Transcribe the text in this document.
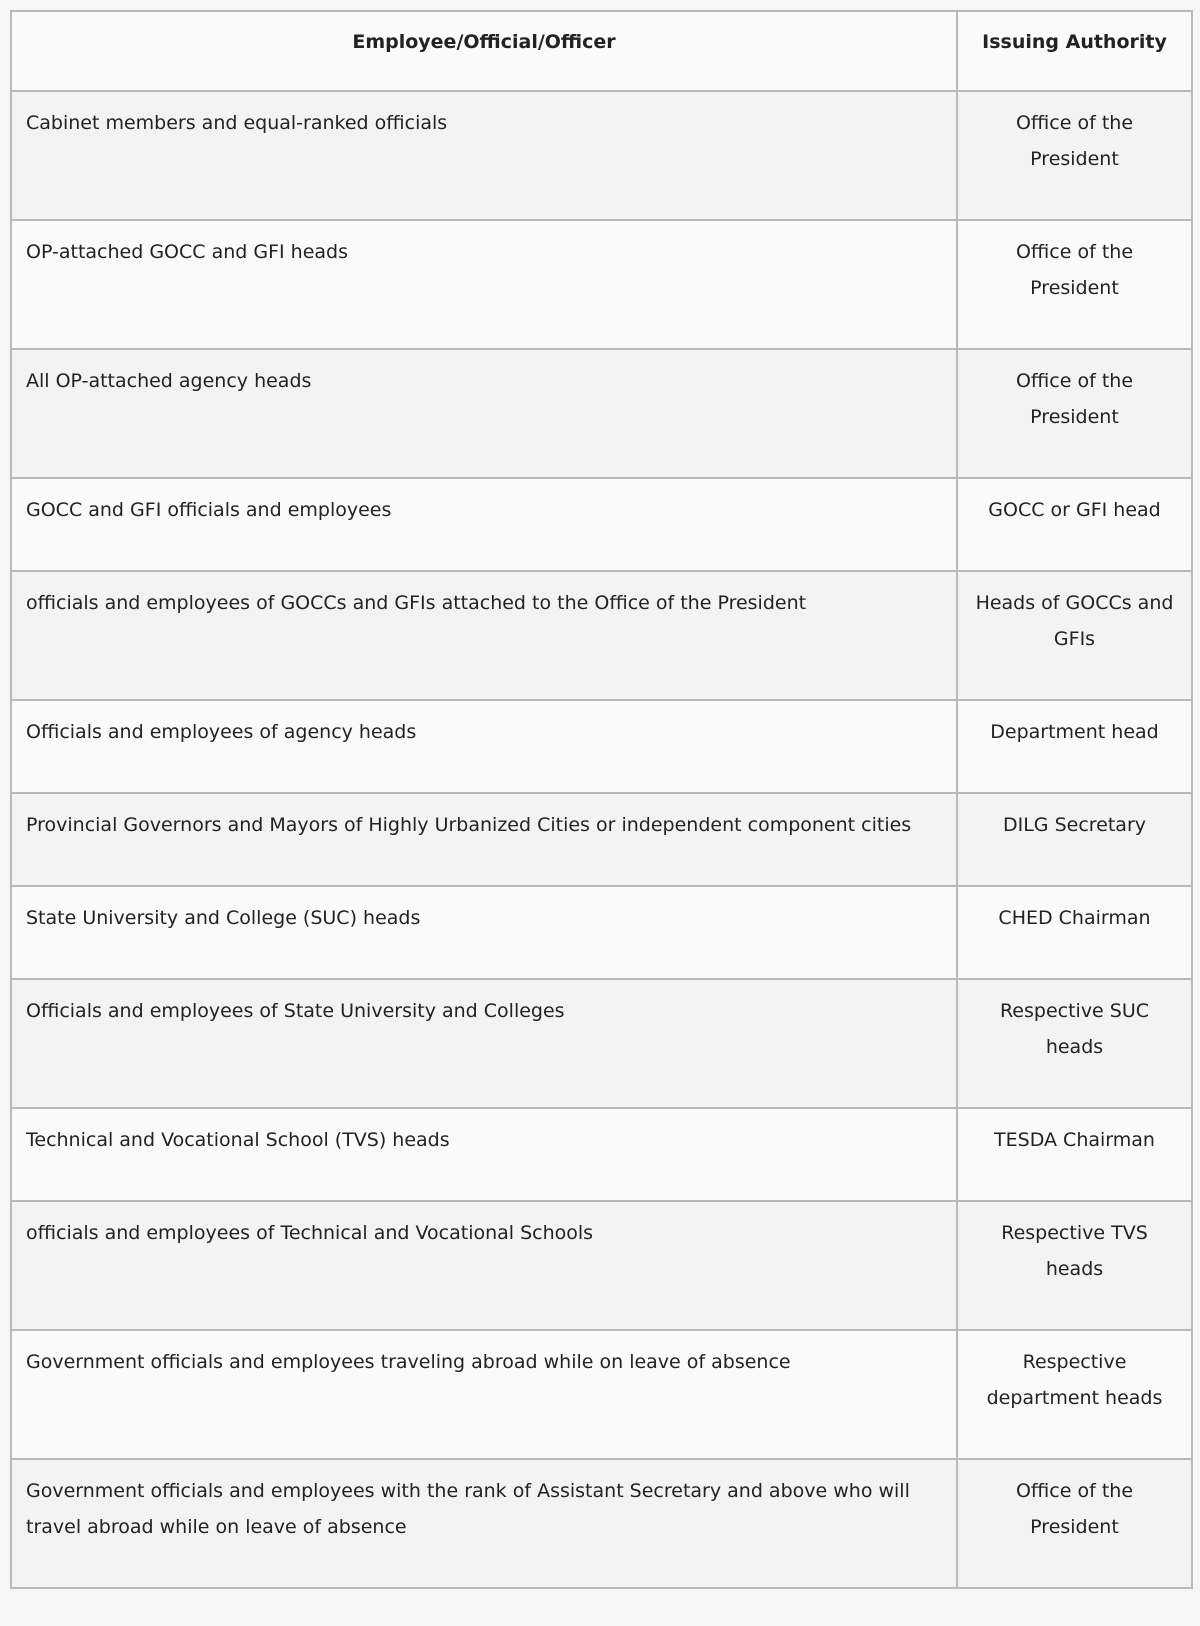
Employee/Official/Officer	Issuing Authority
Cabinet members and equal-ranked officials	Office of the President
OP-attached GOCC and GFI heads	Office of the President
All OP-attached agency heads	Office of the President
GOCC and GFI officials and employees	GOCC or GFI head
officials and employees of GOCCs and GFIs attached to the Office of the President	Heads of GOCCs and GFIs
Officials and employees of agency heads	Department head
Provincial Governors and Mayors of Highly Urbanized Cities or independent component cities	DILG Secretary
State University and College (SUC) heads	CHED Chairman
Officials and employees of State University and Colleges	Respective SUC heads
Technical and Vocational School (TVS) heads	TESDA Chairman
officials and employees of Technical and Vocational Schools	Respective TVS heads
Government officials and employees traveling abroad while on leave of absence	Respective department heads
Government officials and employees with the rank of Assistant Secretary and above who will travel abroad while on leave of absence	Office of the President
